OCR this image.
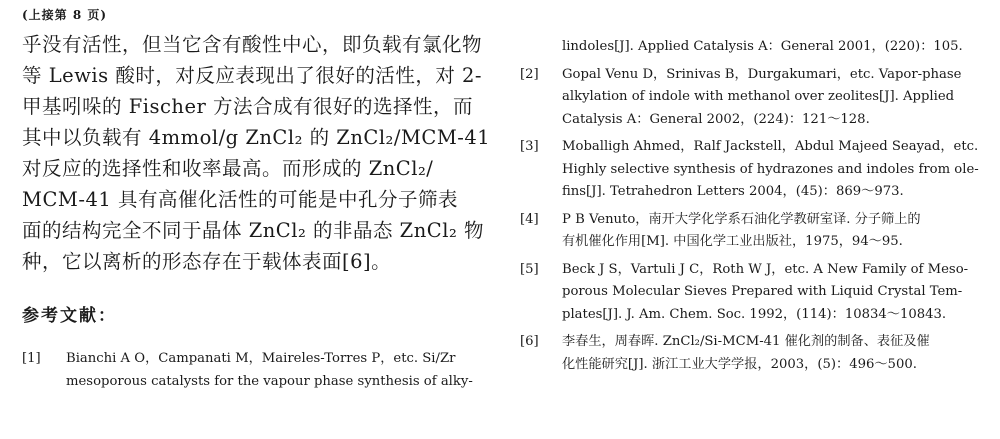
(上接第 8 页)

乎没有活性，但当它含有酸性中心，即负载有氯化物
等 Lewis 酸时，对反应表现出了很好的活性，对 2-
甲基吲哚的 Fischer 方法合成有很好的选择性，而
其中以负载有 4mmol/g ZnCl₂ 的 ZnCl₂/MCM-41
对反应的选择性和收率最高。而形成的 ZnCl₂/
MCM-41 具有高催化活性的可能是中孔分子筛表
面的结构完全不同于晶体 ZnCl₂ 的非晶态 ZnCl₂ 物
种，它以离析的形态存在于载体表面[6]。

参考文献：
[1]	Bianchi A O，Campanati M，Maireles-Torres P，etc. Si/Zr
mesoporous catalysts for the vapour phase synthesis of alky-
lindoles[J]. Applied Catalysis A：General 2001，(220)：105.
[2]	Gopal Venu D，Srinivas B，Durgakumari，etc. Vapor-phase
alkylation of indole with methanol over zeolites[J]. Applied
Catalysis A：General 2002，(224)：121～128.
[3]	Moballigh Ahmed，Ralf Jackstell，Abdul Majeed Seayad，etc.
Highly selective synthesis of hydrazones and indoles from ole-
fins[J]. Tetrahedron Letters 2004，(45)：869～973.
[4]	P B Venuto，南开大学化学系石油化学教研室译. 分子筛上的
有机催化作用[M]. 中国化学工业出版社，1975，94～95.
[5]	Beck J S，Vartuli J C，Roth W J，etc. A New Family of Meso-
porous Molecular Sieves Prepared with Liquid Crystal Tem-
plates[J]. J. Am. Chem. Soc. 1992，(114)：10834～10843.
[6]	李春生，周春晖. ZnCl₂/Si-MCM-41 催化剂的制备、表征及催
化性能研究[J]. 浙江工业大学学报，2003，(5)：496～500.
